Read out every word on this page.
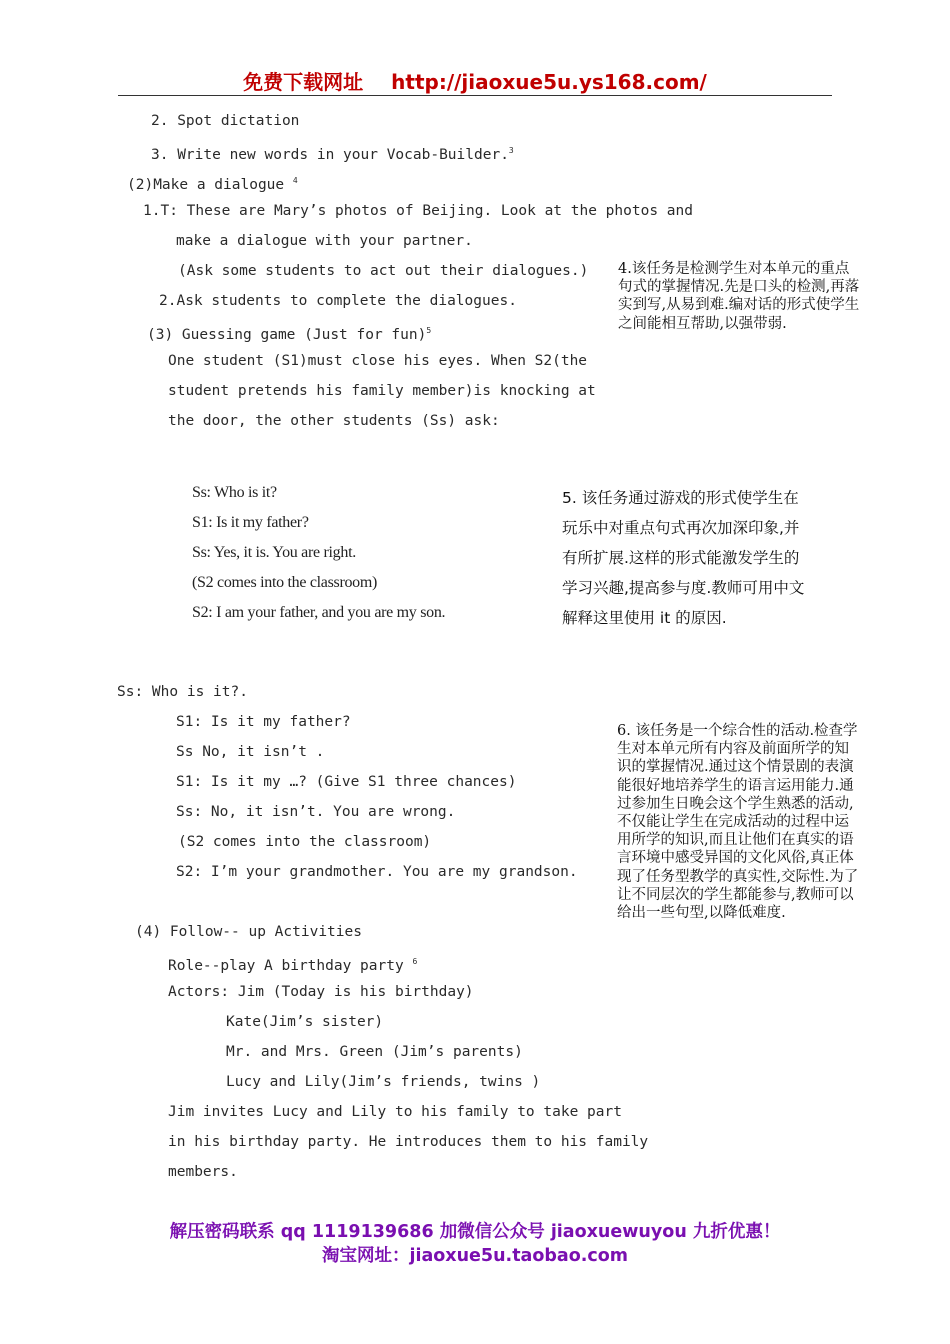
免费下载网址 http://jiaoxue5u.ys168.com/
2. Spot dictation
3. Write new words in your Vocab-Builder.$^3$
(2)Make a dialogue $^4$
1.T: These are Mary’s photos of Beijing. Look at the photos and
make a dialogue with your partner.
(Ask some students to act out their dialogues.)
2.Ask students to complete the dialogues.
(3) Guessing game (Just for fun)$^5$
One student (S1)must close his eyes. When S2(the
student pretends his family member)is knocking at
the door, the other students (Ss) ask:
4.该任务是检测学生对本单元的重点句式的掌握情况.先是口头的检测,再落实到写,从易到难.编对话的形式使学生之间能相互帮助,以强带弱.
Ss: Who is it?
S1: Is it my father?
Ss: Yes, it is. You are right.
(S2 comes into the classroom)
S2: I am your father, and you are my son.
5. 该任务通过游戏的形式使学生在玩乐中对重点句式再次加深印象,并有所扩展.这样的形式能激发学生的学习兴趣,提高参与度.教师可用中文解释这里使用 it 的原因.
Ss: Who is it?.
S1: Is it my father?
Ss No, it isn’t .
S1: Is it my …? (Give S1 three chances)
Ss: No, it isn’t. You are wrong.
(S2 comes into the classroom)
S2: I’m your grandmother. You are my grandson.
(4) Follow-- up Activities
Role--play A birthday party $^6$
Actors: Jim (Today is his birthday)
Kate(Jim’s sister)
Mr. and Mrs. Green (Jim’s parents)
Lucy and Lily(Jim’s friends, twins )
Jim invites Lucy and Lily to his family to take part
in his birthday party. He introduces them to his family
members.
6. 该任务是一个综合性的活动.检查学生对本单元所有内容及前面所学的知识的掌握情况.通过这个情景剧的表演能很好地培养学生的语言运用能力.通过参加生日晚会这个学生熟悉的活动,不仅能让学生在完成活动的过程中运用所学的知识,而且让他们在真实的语言环境中感受异国的文化风俗,真正体现了任务型教学的真实性,交际性.为了让不同层次的学生都能参与,教师可以给出一些句型,以降低难度.
解压密码联系 qq 1119139686 加微信公众号 jiaoxuewuyou 九折优惠！
淘宝网址：jiaoxue5u.taobao.com
